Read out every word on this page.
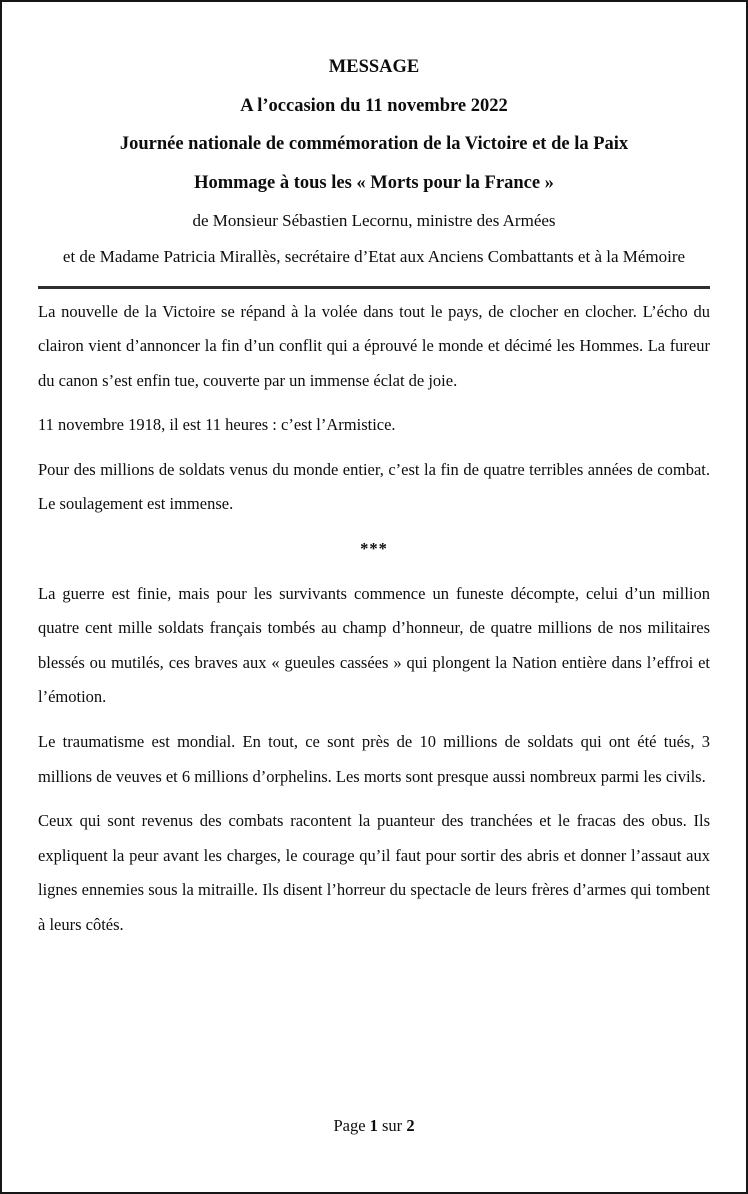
MESSAGE
A l’occasion du 11 novembre 2022
Journée nationale de commémoration de la Victoire et de la Paix
Hommage à tous les « Morts pour la France »
de Monsieur Sébastien Lecornu, ministre des Armées
et de Madame Patricia Mirallès, secrétaire d’Etat aux Anciens Combattants et à la Mémoire

La nouvelle de la Victoire se répand à la volée dans tout le pays, de clocher en clocher. L’écho du clairon vient d’annoncer la fin d’un conflit qui a éprouvé le monde et décimé les Hommes. La fureur du canon s’est enfin tue, couverte par un immense éclat de joie.

11 novembre 1918, il est 11 heures : c’est l’Armistice.

Pour des millions de soldats venus du monde entier, c’est la fin de quatre terribles années de combat. Le soulagement est immense.

***

La guerre est finie, mais pour les survivants commence un funeste décompte, celui d’un million quatre cent mille soldats français tombés au champ d’honneur, de quatre millions de nos militaires blessés ou mutilés, ces braves aux « gueules cassées » qui plongent la Nation entière dans l’effroi et l’émotion.

Le traumatisme est mondial. En tout, ce sont près de 10 millions de soldats qui ont été tués, 3 millions de veuves et 6 millions d’orphelins. Les morts sont presque aussi nombreux parmi les civils.

Ceux qui sont revenus des combats racontent la puanteur des tranchées et le fracas des obus. Ils expliquent la peur avant les charges, le courage qu’il faut pour sortir des abris et donner l’assaut aux lignes ennemies sous la mitraille. Ils disent l’horreur du spectacle de leurs frères d’armes qui tombent à leurs côtés.

Page 1 sur 2
